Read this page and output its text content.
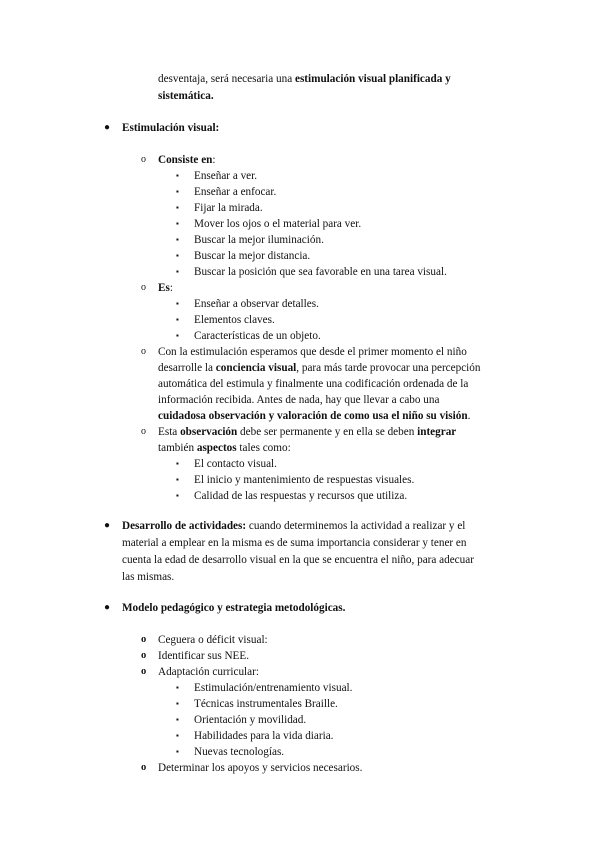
desventaja, será necesaria una estimulación visual planificada y
sistemática.
● Estimulación visual:
o Consiste en:
▪ Enseñar a ver.
▪ Enseñar a enfocar.
▪ Fijar la mirada.
▪ Mover los ojos o el material para ver.
▪ Buscar la mejor iluminación.
▪ Buscar la mejor distancia.
▪ Buscar la posición que sea favorable en una tarea visual.
o Es:
▪ Enseñar a observar detalles.
▪ Elementos claves.
▪ Características de un objeto.
o Con la estimulación esperamos que desde el primer momento el niño
desarrolle la conciencia visual, para más tarde provocar una percepción
automática del estimula y finalmente una codificación ordenada de la
información recibida. Antes de nada, hay que llevar a cabo una
cuidadosa observación y valoración de como usa el niño su visión.
o Esta observación debe ser permanente y en ella se deben integrar
también aspectos tales como:
▪ El contacto visual.
▪ El inicio y mantenimiento de respuestas visuales.
▪ Calidad de las respuestas y recursos que utiliza.
● Desarrollo de actividades: cuando determinemos la actividad a realizar y el
material a emplear en la misma es de suma importancia considerar y tener en
cuenta la edad de desarrollo visual en la que se encuentra el niño, para adecuar
las mismas.
● Modelo pedagógico y estrategia metodológicas.
o Ceguera o déficit visual:
o Identificar sus NEE.
o Adaptación curricular:
▪ Estimulación/entrenamiento visual.
▪ Técnicas instrumentales Braille.
▪ Orientación y movilidad.
▪ Habilidades para la vida diaria.
▪ Nuevas tecnologías.
o Determinar los apoyos y servicios necesarios.
